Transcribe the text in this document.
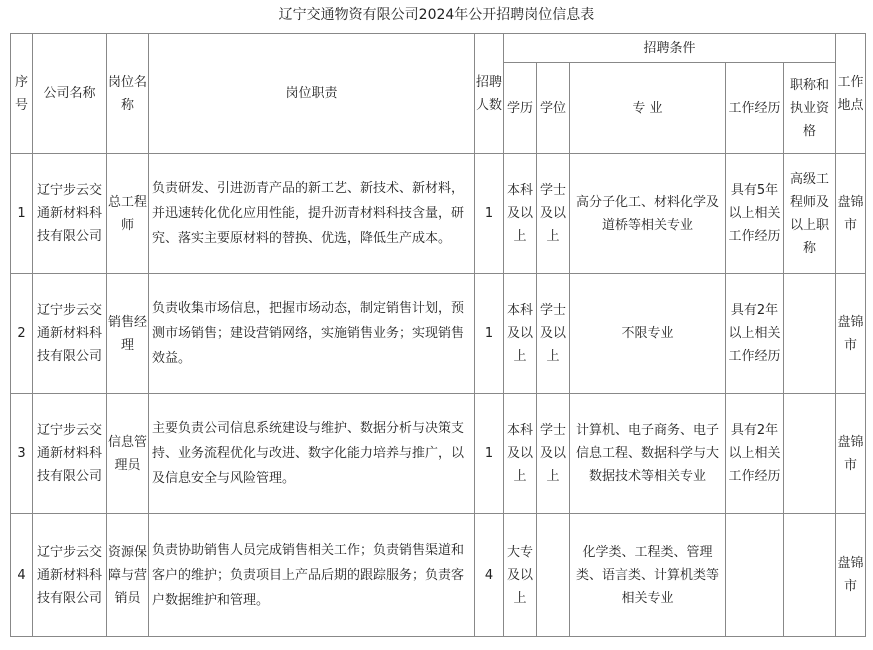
辽宁交通物资有限公司2024年公开招聘岗位信息表
序号	公司名称	岗位名称	岗位职责	招聘人数	招聘条件					工作地点
					学历	学位	专 业	工作经历	职称和执业资格	
1	辽宁步云交通新材料科技有限公司	总工程师	负责研发、引进沥青产品的新工艺、新技术、新材料，并迅速转化优化应用性能，提升沥青材料科技含量，研究、落实主要原材料的替换、优选，降低生产成本。	1	本科及以上	学士及以上	高分子化工、材料化学及道桥等相关专业	具有5年以上相关工作经历	高级工程师及以上职称	盘锦市
2	辽宁步云交通新材料科技有限公司	销售经理	负责收集市场信息，把握市场动态，制定销售计划，预测市场销售；建设营销网络，实施销售业务；实现销售效益。	1	本科及以上	学士及以上	不限专业	具有2年以上相关工作经历		盘锦市
3	辽宁步云交通新材料科技有限公司	信息管理员	主要负责公司信息系统建设与维护、数据分析与决策支持、业务流程优化与改进、数字化能力培养与推广，以及信息安全与风险管理。	1	本科及以上	学士及以上	计算机、电子商务、电子信息工程、数据科学与大数据技术等相关专业	具有2年以上相关工作经历		盘锦市
4	辽宁步云交通新材料科技有限公司	资源保障与营销员	负责协助销售人员完成销售相关工作；负责销售渠道和客户的维护；负责项目上产品后期的跟踪服务；负责客户数据维护和管理。	4	大专及以上		化学类、工程类、管理类、语言类、计算机类等相关专业			盘锦市
